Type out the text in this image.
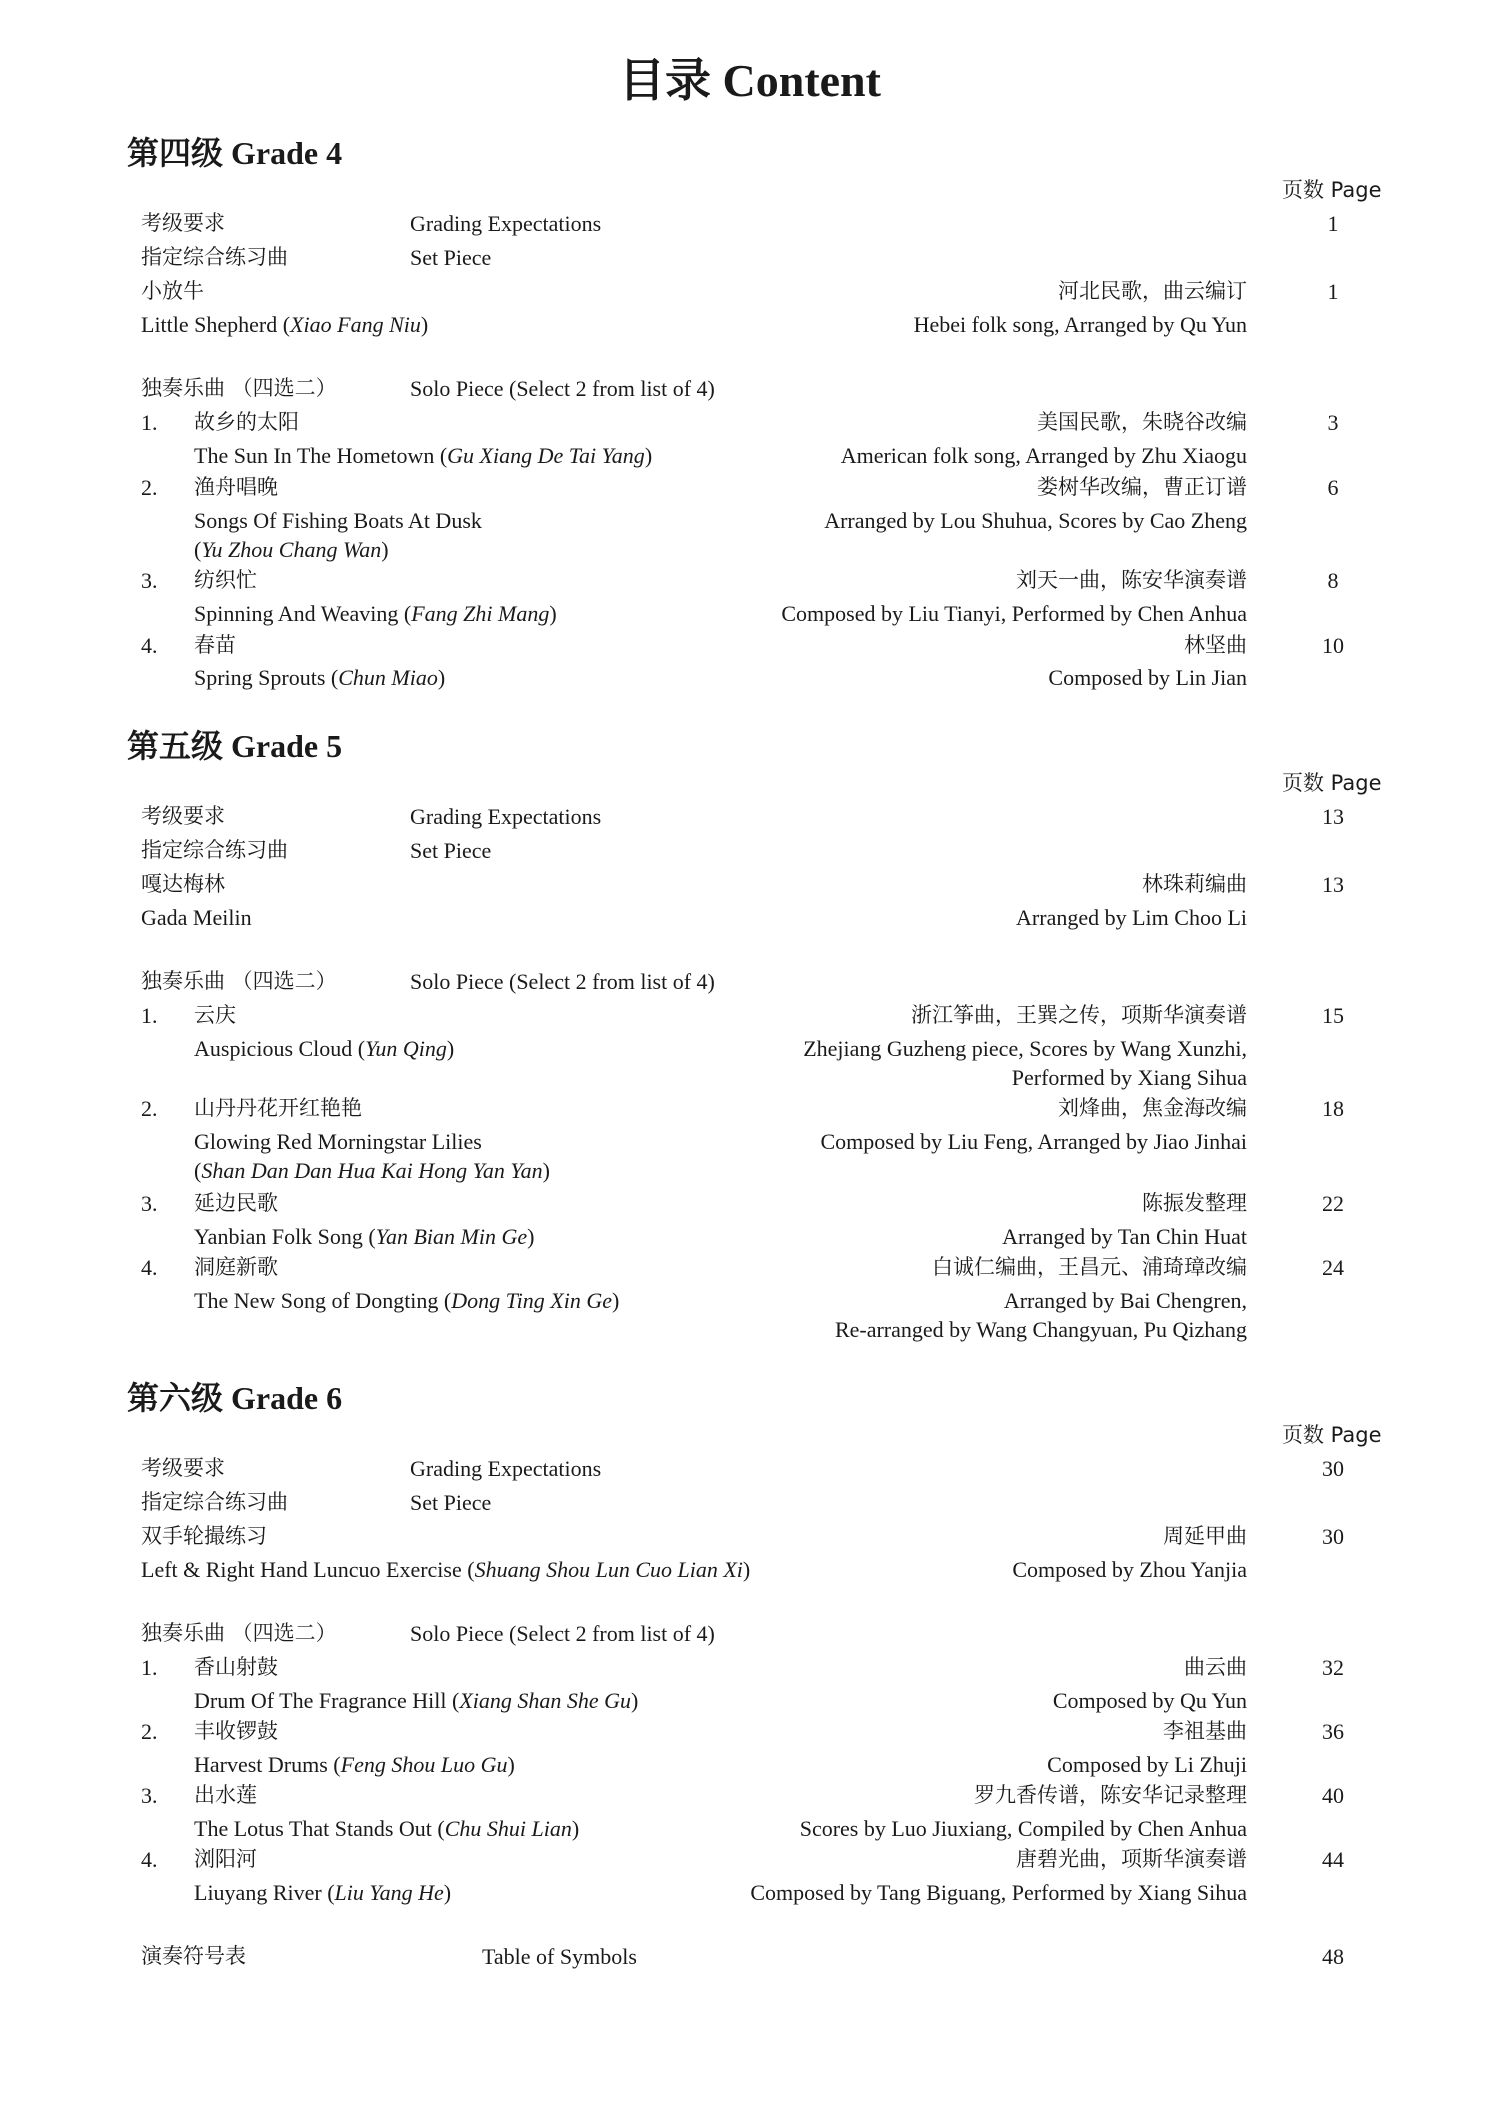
目录 Content
第四级 Grade 4
页数 Page
考级要求	Grading Expectations	1
指定综合练习曲	Set Piece
小放牛	河北民歌，曲云编订	1
Little Shepherd (Xiao Fang Niu)	Hebei folk song, Arranged by Qu Yun
独奏乐曲 （四选二）	Solo Piece (Select 2 from list of 4)
1. 故乡的太阳	美国民歌，朱晓谷改编	3
The Sun In The Hometown (Gu Xiang De Tai Yang)	American folk song, Arranged by Zhu Xiaogu
2. 渔舟唱晚	娄树华改编，曹正订谱	6
Songs Of Fishing Boats At Dusk	Arranged by Lou Shuhua, Scores by Cao Zheng
(Yu Zhou Chang Wan)
3. 纺织忙	刘天一曲，陈安华演奏谱	8
Spinning And Weaving (Fang Zhi Mang)	Composed by Liu Tianyi, Performed by Chen Anhua
4. 春苗	林坚曲	10
Spring Sprouts (Chun Miao)	Composed by Lin Jian
第五级 Grade 5
页数 Page
考级要求	Grading Expectations	13
指定综合练习曲	Set Piece
嘎达梅林	林珠莉编曲	13
Gada Meilin	Arranged by Lim Choo Li
独奏乐曲 （四选二）	Solo Piece (Select 2 from list of 4)
1. 云庆	浙江筝曲，王巽之传，项斯华演奏谱	15
Auspicious Cloud (Yun Qing)	Zhejiang Guzheng piece, Scores by Wang Xunzhi,
Performed by Xiang Sihua
2. 山丹丹花开红艳艳	刘烽曲，焦金海改编	18
Glowing Red Morningstar Lilies	Composed by Liu Feng, Arranged by Jiao Jinhai
(Shan Dan Dan Hua Kai Hong Yan Yan)
3. 延边民歌	陈振发整理	22
Yanbian Folk Song (Yan Bian Min Ge)	Arranged by Tan Chin Huat
4. 洞庭新歌	白诚仁编曲，王昌元、浦琦璋改编	24
The New Song of Dongting (Dong Ting Xin Ge)	Arranged by Bai Chengren,
Re-arranged by Wang Changyuan, Pu Qizhang
第六级 Grade 6
页数 Page
考级要求	Grading Expectations	30
指定综合练习曲	Set Piece
双手轮撮练习	周延甲曲	30
Left & Right Hand Luncuo Exercise (Shuang Shou Lun Cuo Lian Xi)	Composed by Zhou Yanjia
独奏乐曲 （四选二）	Solo Piece (Select 2 from list of 4)
1. 香山射鼓	曲云曲	32
Drum Of The Fragrance Hill (Xiang Shan She Gu)	Composed by Qu Yun
2. 丰收锣鼓	李祖基曲	36
Harvest Drums (Feng Shou Luo Gu)	Composed by Li Zhuji
3. 出水莲	罗九香传谱，陈安华记录整理	40
The Lotus That Stands Out (Chu Shui Lian)	Scores by Luo Jiuxiang, Compiled by Chen Anhua
4. 浏阳河	唐碧光曲，项斯华演奏谱	44
Liuyang River (Liu Yang He)	Composed by Tang Biguang, Performed by Xiang Sihua
演奏符号表	Table of Symbols	48
